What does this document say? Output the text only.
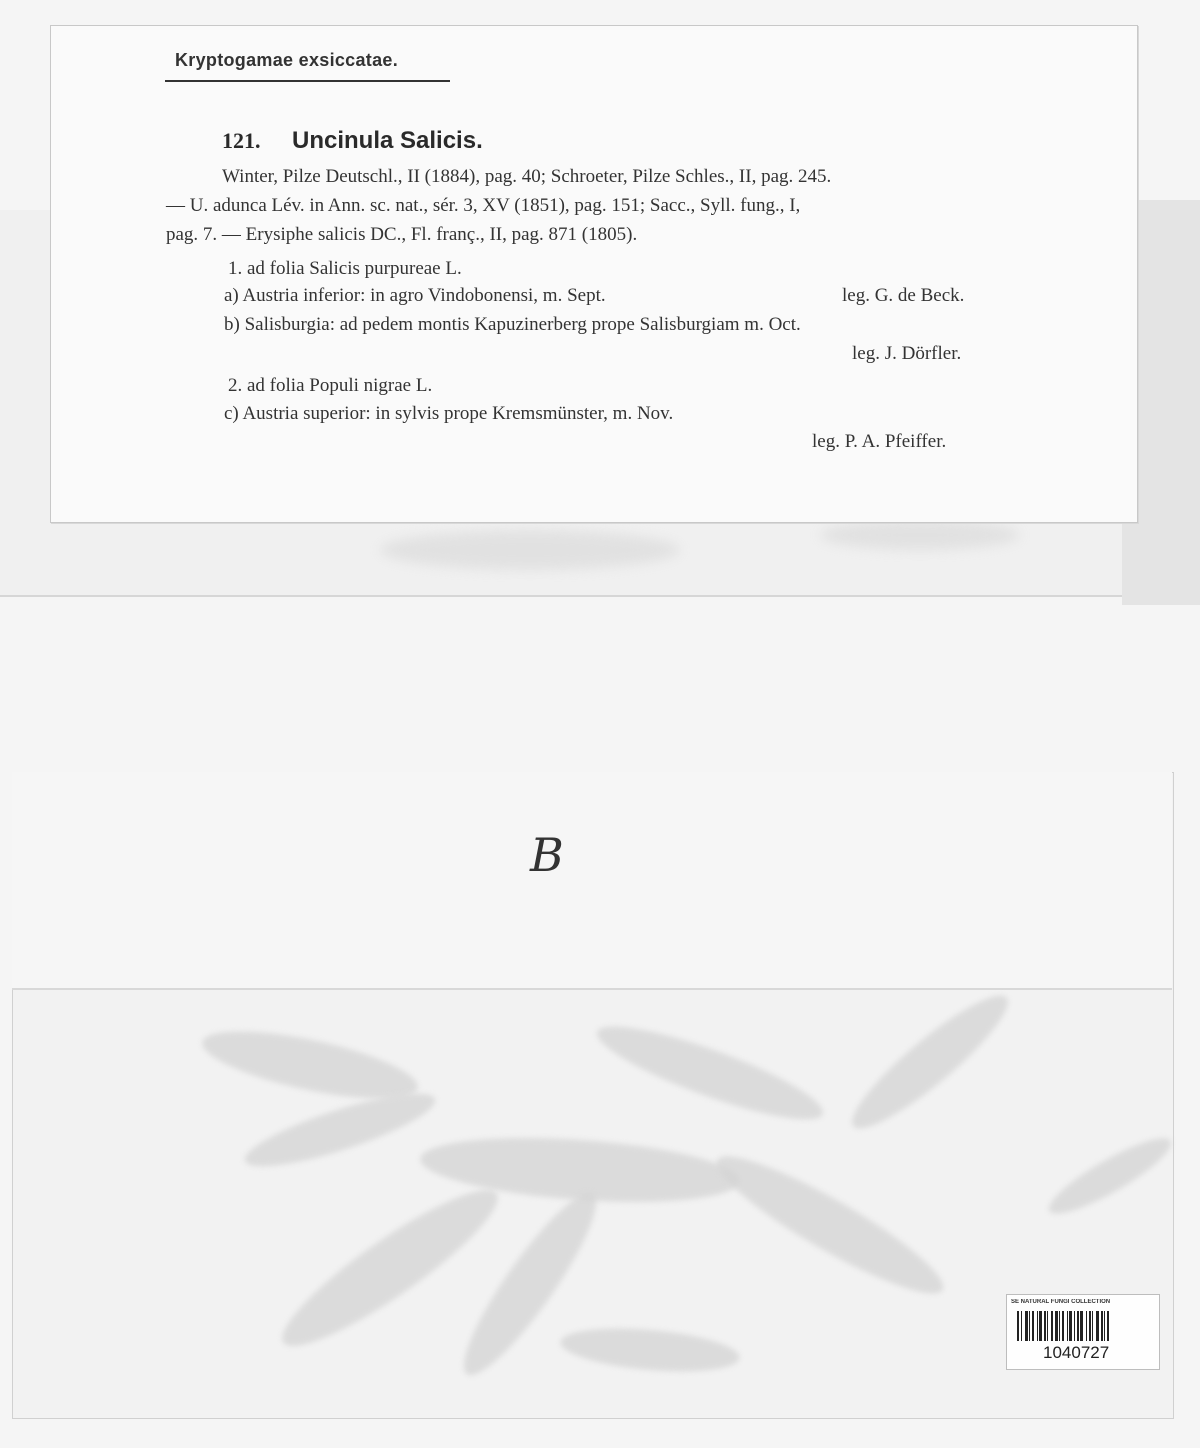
Kryptogamae exsiccatae.
121. Uncinula Salicis.
Winter, Pilze Deutschl., II (1884), pag. 40; Schroeter, Pilze Schles., II, pag. 245.
— U. adunca Lév. in Ann. sc. nat., sér. 3, XV (1851), pag. 151; Sacc., Syll. fung., I,
pag. 7. — Erysiphe salicis DC., Fl. franç., II, pag. 871 (1805).
1. ad folia Salicis purpureae L.
a) Austria inferior: in agro Vindobonensi, m. Sept.	leg. G. de Beck.
b) Salisburgia: ad pedem montis Kapuzinerberg prope Salisburgiam m. Oct.
leg. J. Dörfler.
2. ad folia Populi nigrae L.
c) Austria superior: in sylvis prope Kremsmünster, m. Nov.
leg. P. A. Pfeiffer.
B
SE NATURAL FUNGI COLLECTION
1040727
